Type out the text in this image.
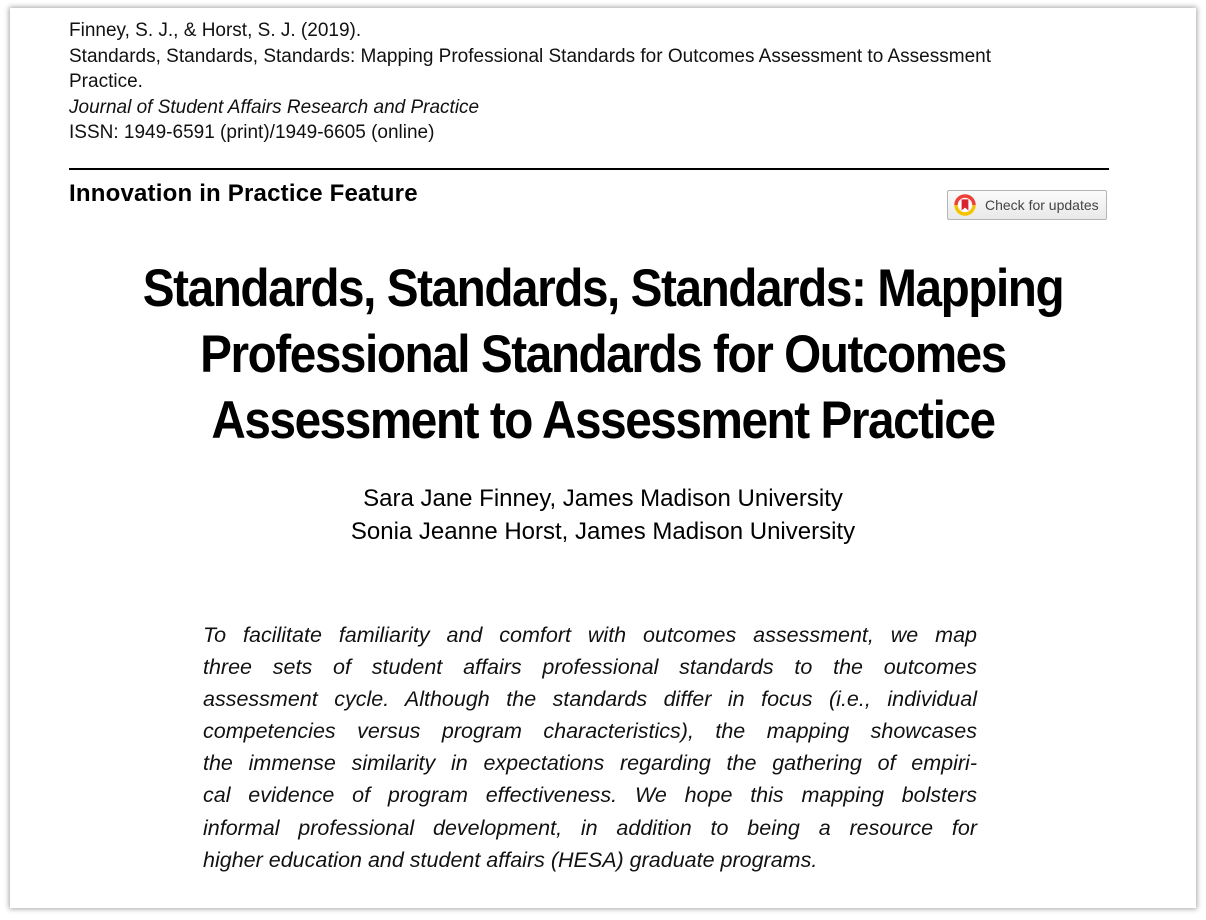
Finney, S. J., & Horst, S. J. (2019).
Standards, Standards, Standards: Mapping Professional Standards for Outcomes Assessment to Assessment
Practice.
Journal of Student Affairs Research and Practice
ISSN: 1949-6591 (print)/1949-6605 (online)
Innovation in Practice Feature	Check for updates
Standards, Standards, Standards: Mapping
Professional Standards for Outcomes
Assessment to Assessment Practice
Sara Jane Finney, James Madison University
Sonia Jeanne Horst, James Madison University
To facilitate familiarity and comfort with outcomes assessment, we map
three sets of student affairs professional standards to the outcomes
assessment cycle. Although the standards differ in focus (i.e., individual
competencies versus program characteristics), the mapping showcases
the immense similarity in expectations regarding the gathering of empiri-
cal evidence of program effectiveness. We hope this mapping bolsters
informal professional development, in addition to being a resource for
higher education and student affairs (HESA) graduate programs.
